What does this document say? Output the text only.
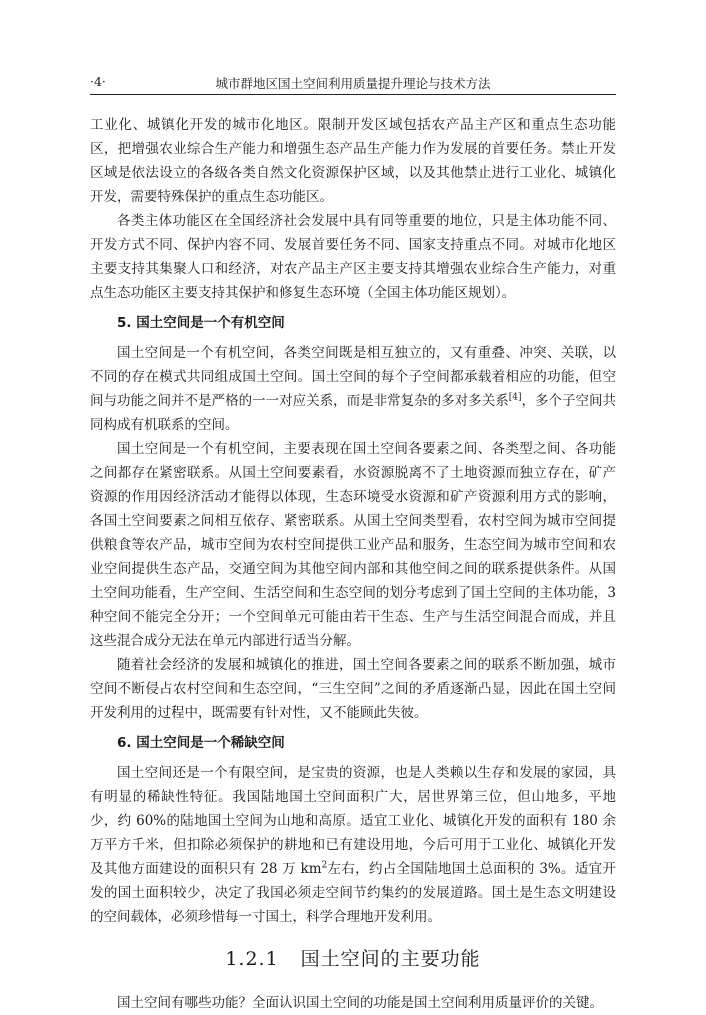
·4·	城市群地区国土空间利用质量提升理论与技术方法

工业化、城镇化开发的城市化地区。限制开发区域包括农产品主产区和重点生态功能区，把增强农业综合生产能力和增强生态产品生产能力作为发展的首要任务。禁止开发区域是依法设立的各级各类自然文化资源保护区域，以及其他禁止进行工业化、城镇化开发，需要特殊保护的重点生态功能区。

各类主体功能区在全国经济社会发展中具有同等重要的地位，只是主体功能不同、开发方式不同、保护内容不同、发展首要任务不同、国家支持重点不同。对城市化地区主要支持其集聚人口和经济，对农产品主产区主要支持其增强农业综合生产能力，对重点生态功能区主要支持其保护和修复生态环境（全国主体功能区规划）。

5. 国土空间是一个有机空间

国土空间是一个有机空间，各类空间既是相互独立的，又有重叠、冲突、关联，以不同的存在模式共同组成国土空间。国土空间的每个子空间都承载着相应的功能，但空间与功能之间并不是严格的一一对应关系，而是非常复杂的多对多关系[4]，多个子空间共同构成有机联系的空间。

国土空间是一个有机空间，主要表现在国土空间各要素之间、各类型之间、各功能之间都存在紧密联系。从国土空间要素看，水资源脱离不了土地资源而独立存在，矿产资源的作用因经济活动才能得以体现，生态环境受水资源和矿产资源利用方式的影响，各国土空间要素之间相互依存、紧密联系。从国土空间类型看，农村空间为城市空间提供粮食等农产品，城市空间为农村空间提供工业产品和服务，生态空间为城市空间和农业空间提供生态产品，交通空间为其他空间内部和其他空间之间的联系提供条件。从国土空间功能看，生产空间、生活空间和生态空间的划分考虑到了国土空间的主体功能，3 种空间不能完全分开；一个空间单元可能由若干生态、生产与生活空间混合而成，并且这些混合成分无法在单元内部进行适当分解。

随着社会经济的发展和城镇化的推进，国土空间各要素之间的联系不断加强，城市空间不断侵占农村空间和生态空间，“三生空间”之间的矛盾逐渐凸显，因此在国土空间开发利用的过程中，既需要有针对性，又不能顾此失彼。

6. 国土空间是一个稀缺空间

国土空间还是一个有限空间，是宝贵的资源，也是人类赖以生存和发展的家园，具有明显的稀缺性特征。我国陆地国土空间面积广大，居世界第三位，但山地多，平地少，约 60%的陆地国土空间为山地和高原。适宜工业化、城镇化开发的面积有 180 余万平方千米，但扣除必须保护的耕地和已有建设用地，今后可用于工业化、城镇化开发及其他方面建设的面积只有 28 万 $km^2$左右，约占全国陆地国土总面积的 3%。适宜开发的国土面积较少，决定了我国必须走空间节约集约的发展道路。国土是生态文明建设的空间载体，必须珍惜每一寸国土，科学合理地开发利用。

1.2.1 国土空间的主要功能

国土空间有哪些功能？全面认识国土空间的功能是国土空间利用质量评价的关键。
